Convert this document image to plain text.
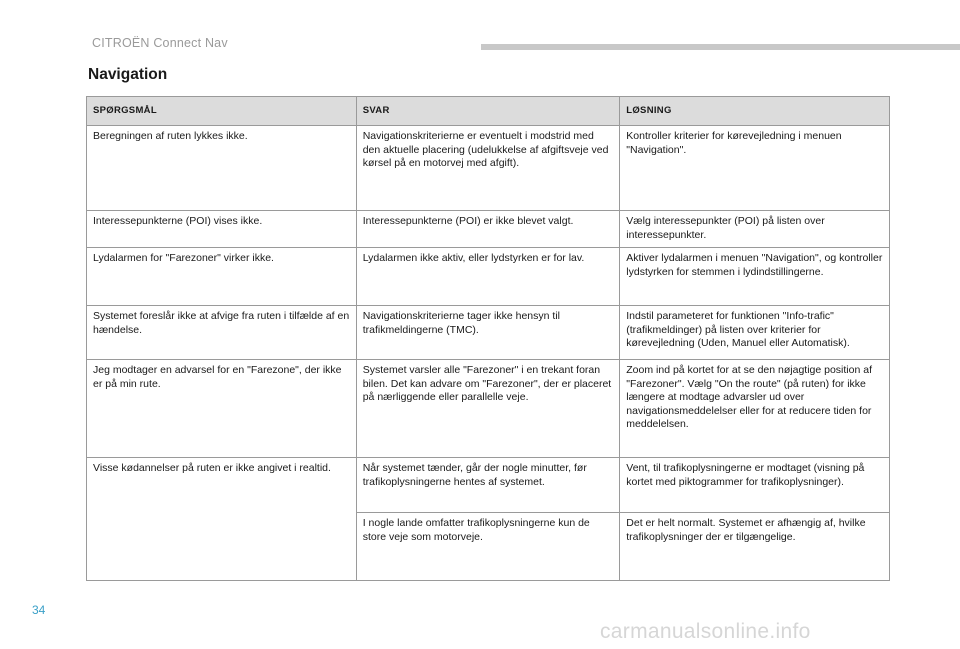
CITROËN Connect Nav
Navigation
SPØRGSMÅL	SVAR	LØSNING
Beregningen af ruten lykkes ikke.	Navigationskriterierne er eventuelt i modstrid med den aktuelle placering (udelukkelse af afgiftsveje ved kørsel på en motorvej med afgift).	Kontroller kriterier for kørevejledning i menuen "Navigation".
Interessepunkterne (POI) vises ikke.	Interessepunkterne (POI) er ikke blevet valgt.	Vælg interessepunkter (POI) på listen over interessepunkter.
Lydalarmen for "Farezoner" virker ikke.	Lydalarmen ikke aktiv, eller lydstyrken er for lav.	Aktiver lydalarmen i menuen "Navigation", og kontroller lydstyrken for stemmen i lydindstillingerne.
Systemet foreslår ikke at afvige fra ruten i tilfælde af en hændelse.	Navigationskriterierne tager ikke hensyn til trafikmeldingerne (TMC).	Indstil parameteret for funktionen "Info-trafic" (trafikmeldinger) på listen over kriterier for kørevejledning (Uden, Manuel eller Automatisk).
Jeg modtager en advarsel for en "Farezone", der ikke er på min rute.	Systemet varsler alle "Farezoner" i en trekant foran bilen. Det kan advare om "Farezoner", der er placeret på nærliggende eller parallelle veje.	Zoom ind på kortet for at se den nøjagtige position af "Farezoner". Vælg "On the route" (på ruten) for ikke længere at modtage advarsler ud over navigationsmeddelelser eller for at reducere tiden for meddelelsen.
Visse kødannelser på ruten er ikke angivet i realtid.	Når systemet tænder, går der nogle minutter, før trafikoplysningerne hentes af systemet.	Vent, til trafikoplysningerne er modtaget (visning på kortet med piktogrammer for trafikoplysninger).
	I nogle lande omfatter trafikoplysningerne kun de store veje som motorveje.	Det er helt normalt. Systemet er afhængig af, hvilke trafikoplysninger der er tilgængelige.
34
carmanualsonline.info
